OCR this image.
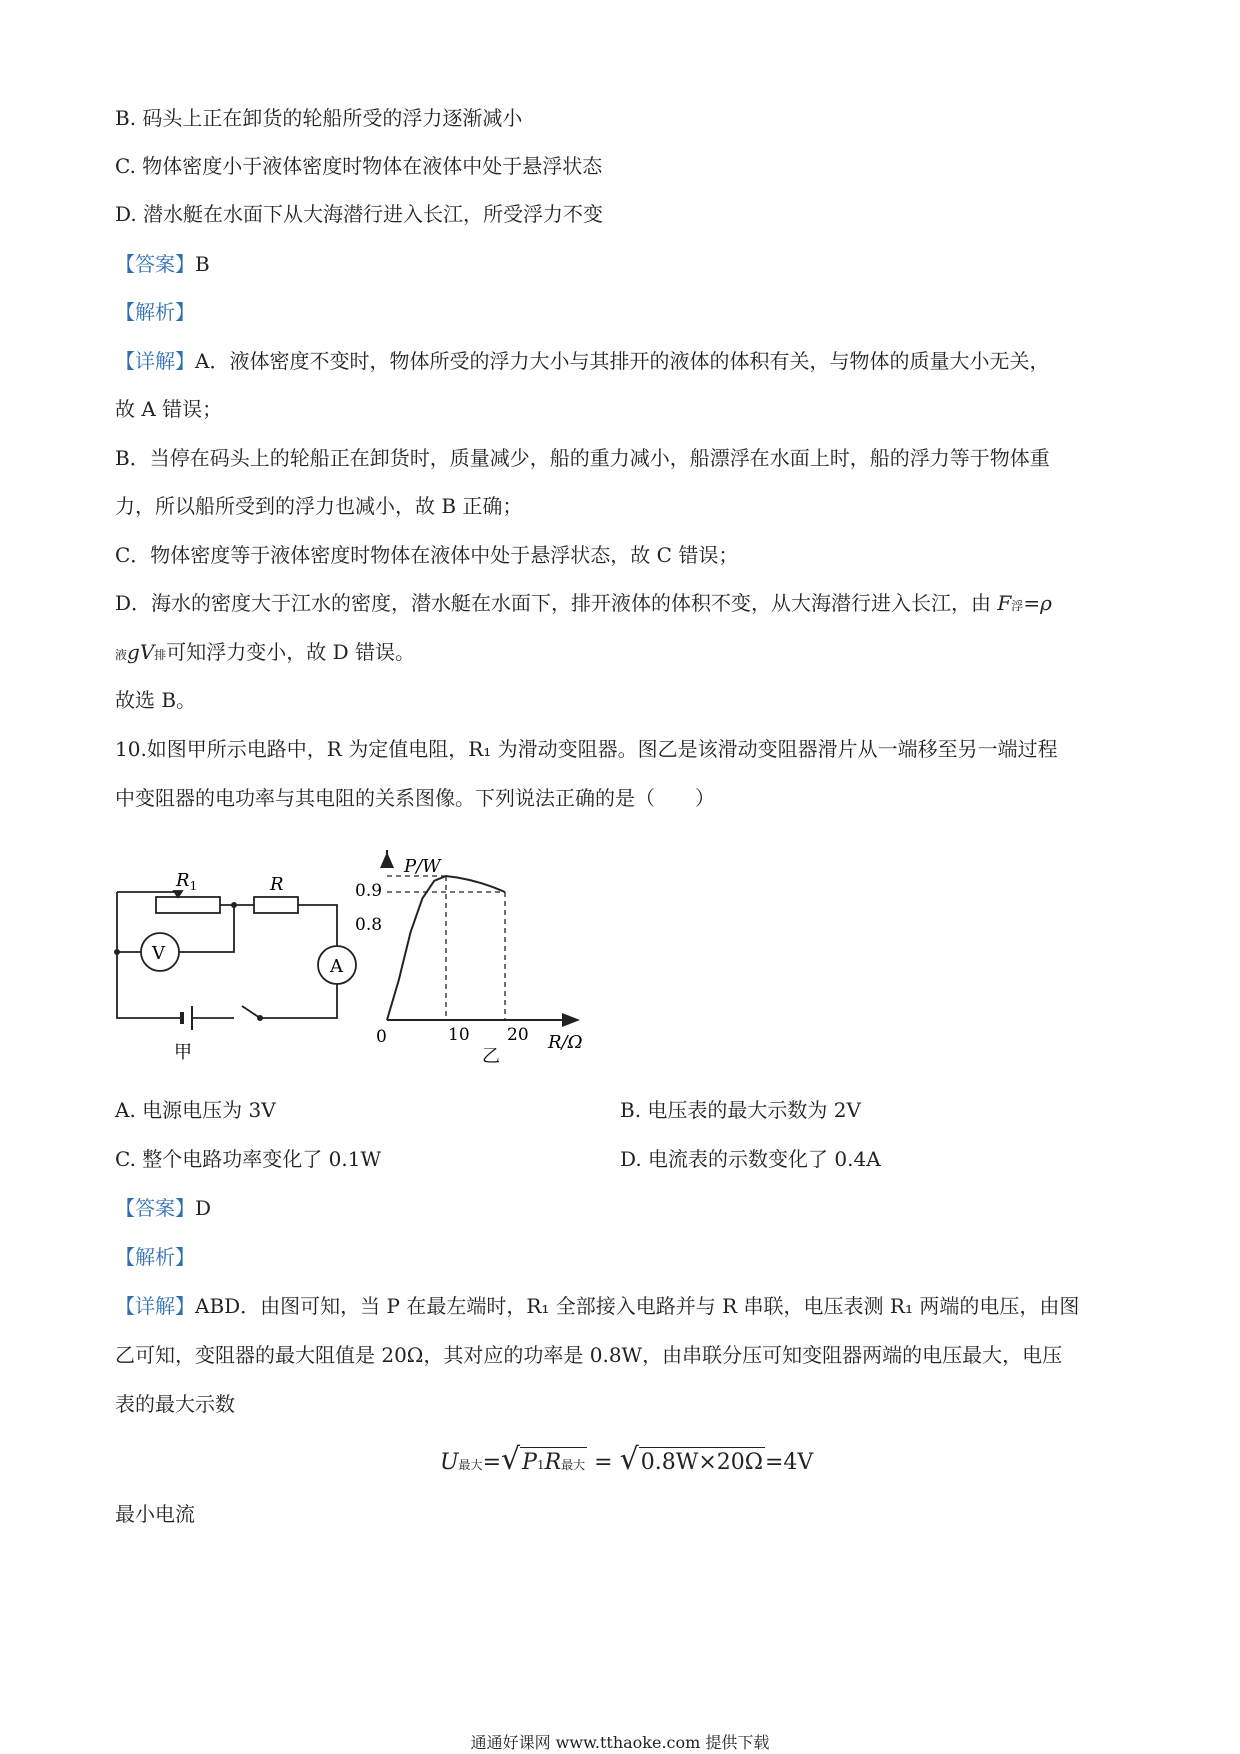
B. 码头上正在卸货的轮船所受的浮力逐渐减小
C. 物体密度小于液体密度时物体在液体中处于悬浮状态
D. 潜水艇在水面下从大海潜行进入长江，所受浮力不变
【答案】B
【解析】
【详解】A．液体密度不变时，物体所受的浮力大小与其排开的液体的体积有关，与物体的质量大小无关，
故 A 错误；
B．当停在码头上的轮船正在卸货时，质量减少，船的重力减小，船漂浮在水面上时，船的浮力等于物体重
力，所以船所受到的浮力也减小，故 B 正确；
C．物体密度等于液体密度时物体在液体中处于悬浮状态，故 C 错误；
D．海水的密度大于江水的密度，潜水艇在水面下，排开液体的体积不变，从大海潜行进入长江，由 F浮=ρ
液gV排可知浮力变小，故 D 错误。
故选 B。
10.如图甲所示电路中，R 为定值电阻，R₁ 为滑动变阻器。图乙是该滑动变阻器滑片从一端移至另一端过程
中变阻器的电功率与其电阻的关系图像。下列说法正确的是（　　）
$R_1$	R
V
A
甲
P/W
R/Ω
0.9
0.8
0	10 20
乙
A. 电源电压为 3V	B. 电压表的最大示数为 2V
C. 整个电路功率变化了 0.1W	D. 电流表的示数变化了 0.4A
【答案】D
【解析】
【详解】ABD．由图可知，当 P 在最左端时，R₁ 全部接入电路并与 R 串联，电压表测 R₁ 两端的电压，由图
乙可知，变阻器的最大阻值是 20Ω，其对应的功率是 0.8W，由串联分压可知变阻器两端的电压最大，电压
表的最大示数
U最大=√P1R最大 = √0.8W×20Ω=4V
最小电流
通通好课网 www.tthaoke.com 提供下载
